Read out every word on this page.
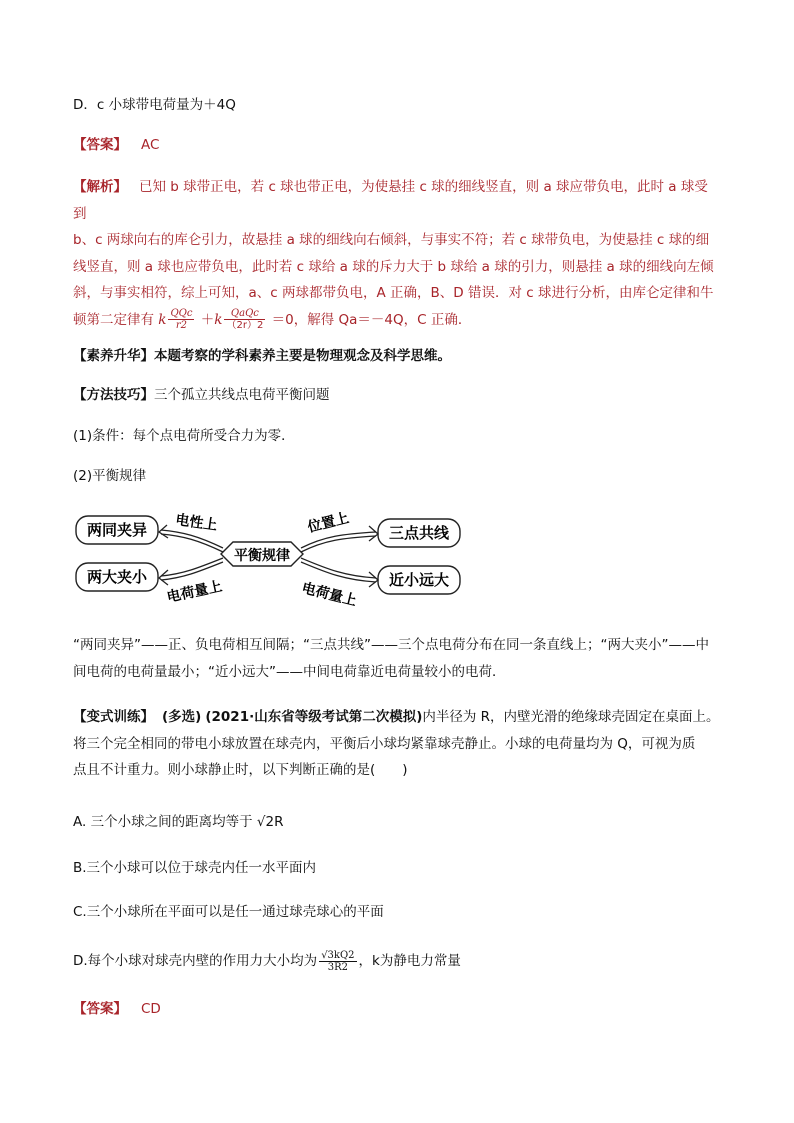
D．c 小球带电荷量为＋4Q
【答案】 AC
【解析】 已知 b 球带正电，若 c 球也带正电，为使悬挂 c 球的细线竖直，则 a 球应带负电，此时 a 球受到
b、c 两球向右的库仑引力，故悬挂 a 球的细线向右倾斜，与事实不符；若 c 球带负电，为使悬挂 c 球的细
线竖直，则 a 球也应带负电，此时若 c 球给 a 球的斥力大于 b 球给 a 球的引力，则悬挂 a 球的细线向左倾
斜，与事实相符，综上可知，a、c 两球都带负电，A 正确，B、D 错误．对 c 球进行分析，由库仑定律和牛
顿第二定律有 k $\frac{\text{QQc}}{r2} +k \frac{\text{QaQc}}{(2r)2} =0$，解得 Qa＝－4Q，C 正确．
【素养升华】本题考察的学科素养主要是物理观念及科学思维。
【方法技巧】三个孤立共线点电荷平衡问题
(1)条件：每个点电荷所受合力为零．
(2)平衡规律
两同夹异
两大夹小
平衡规律
三点共线
近小远大
电性上
电荷量上
位置上
电荷量上
“两同夹异”——正、负电荷相互间隔；“三点共线”——三个点电荷分布在同一条直线上；“两大夹小”——中
间电荷的电荷量最小；“近小远大”——中间电荷靠近电荷量较小的电荷．
【变式训练】 (多选) (2021·山东省等级考试第二次模拟)内半径为 R，内壁光滑的绝缘球壳固定在桌面上。
将三个完全相同的带电小球放置在球壳内，平衡后小球均紧靠球壳静止。小球的电荷量均为 Q，可视为质
点且不计重力。则小球静止时，以下判断正确的是(　　)
A. 三个小球之间的距离均等于 √2R
B.三个小球可以位于球壳内任一水平面内
C.三个小球所在平面可以是任一通过球壳球心的平面
D.每个小球对球壳内壁的作用力大小均为 $\frac{√3kQ2}{3R2}$ ，k为静电力常量
【答案】 CD
